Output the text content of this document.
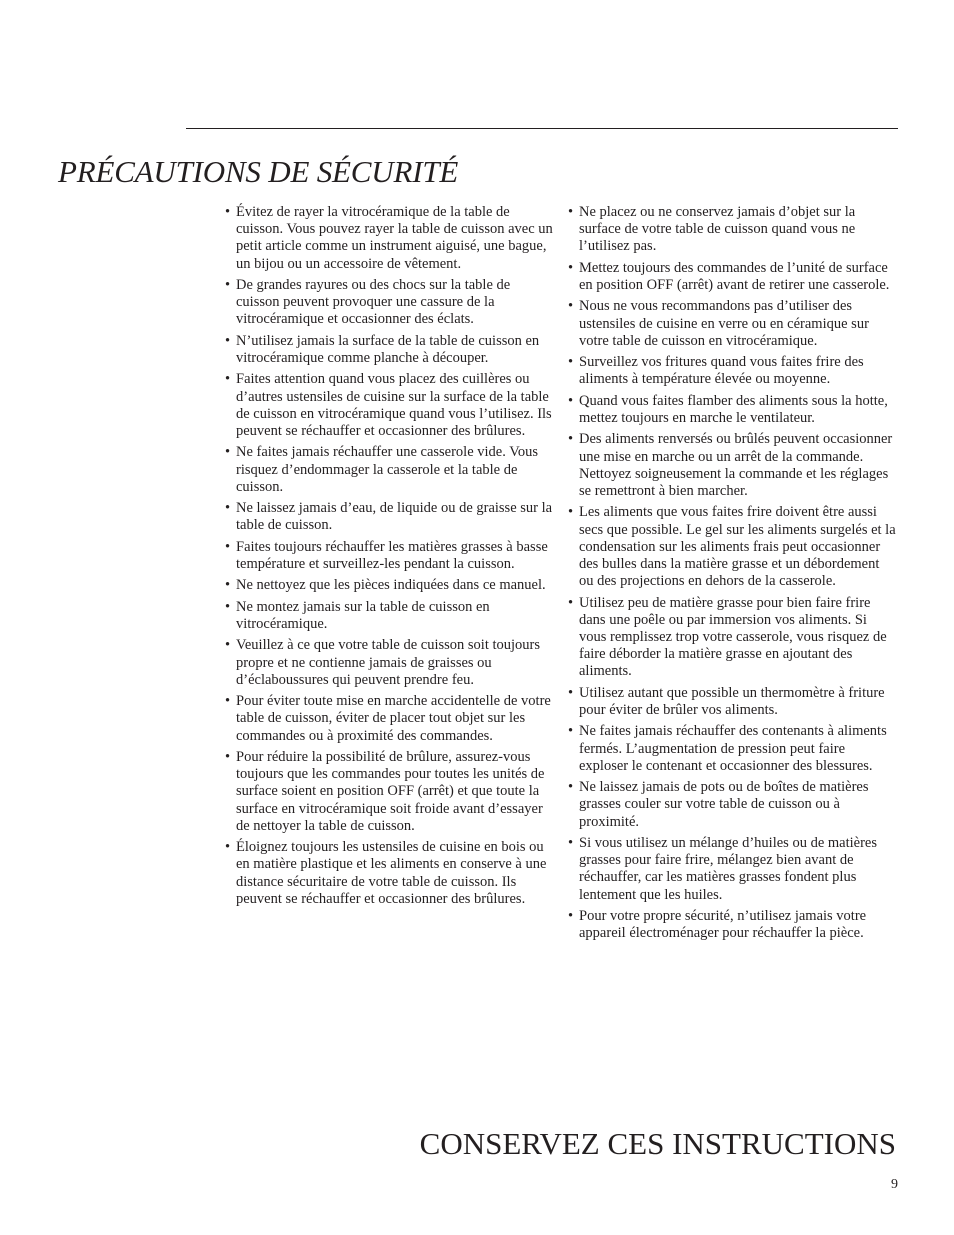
PRÉCAUTIONS DE SÉCURITÉ
• Évitez de rayer la vitrocéramique de la table de cuisson. Vous pouvez rayer la table de cuisson avec un petit article comme un instrument aiguisé, une bague, un bijou ou un accessoire de vêtement.
• De grandes rayures ou des chocs sur la table de cuisson peuvent provoquer une cassure de la vitrocéramique et occasionner des éclats.
• N’utilisez jamais la surface de la table de cuisson en vitrocéramique comme planche à découper.
• Faites attention quand vous placez des cuillères ou d’autres ustensiles de cuisine sur la surface de la table de cuisson en vitrocéramique quand vous l’utilisez. Ils peuvent se réchauffer et occasionner des brûlures.
• Ne faites jamais réchauffer une casserole vide. Vous risquez d’endommager la casserole et la table de cuisson.
• Ne laissez jamais d’eau, de liquide ou de graisse sur la table de cuisson.
• Faites toujours réchauffer les matières grasses à basse température et surveillez-les pendant la cuisson.
• Ne nettoyez que les pièces indiquées dans ce manuel.
• Ne montez jamais sur la table de cuisson en vitrocéramique.
• Veuillez à ce que votre table de cuisson soit toujours propre et ne contienne jamais de graisses ou d’éclaboussures qui peuvent prendre feu.
• Pour éviter toute mise en marche accidentelle de votre table de cuisson, éviter de placer tout objet sur les commandes ou à proximité des commandes.
• Pour réduire la possibilité de brûlure, assurez-vous toujours que les commandes pour toutes les unités de surface soient en position OFF (arrêt) et que toute la surface en vitrocéramique soit froide avant d’essayer de nettoyer la table de cuisson.
• Éloignez toujours les ustensiles de cuisine en bois ou en matière plastique et les aliments en conserve à une distance sécuritaire de votre table de cuisson. Ils peuvent se réchauffer et occasionner des brûlures.
• Ne placez ou ne conservez jamais d’objet sur la surface de votre table de cuisson quand vous ne l’utilisez pas.
• Mettez toujours des commandes de l’unité de surface en position OFF (arrêt) avant de retirer une casserole.
• Nous ne vous recommandons pas d’utiliser des ustensiles de cuisine en verre ou en céramique sur votre table de cuisson en vitrocéramique.
• Surveillez vos fritures quand vous faites frire des aliments à température élevée ou moyenne.
• Quand vous faites flamber des aliments sous la hotte, mettez toujours en marche le ventilateur.
• Des aliments renversés ou brûlés peuvent occasionner une mise en marche ou un arrêt de la commande. Nettoyez soigneusement la commande et les réglages se remettront à bien marcher.
• Les aliments que vous faites frire doivent être aussi secs que possible. Le gel sur les aliments surgelés et la condensation sur les aliments frais peut occasionner des bulles dans la matière grasse et un débordement ou des projections en dehors de la casserole.
• Utilisez peu de matière grasse pour bien faire frire dans une poêle ou par immersion vos aliments. Si vous remplissez trop votre casserole, vous risquez de faire déborder la matière grasse en ajoutant des aliments.
• Utilisez autant que possible un thermomètre à friture pour éviter de brûler vos aliments.
• Ne faites jamais réchauffer des contenants à aliments fermés. L’augmentation de pression peut faire exploser le contenant et occasionner des blessures.
• Ne laissez jamais de pots ou de boîtes de matières grasses couler sur votre table de cuisson ou à proximité.
• Si vous utilisez un mélange d’huiles ou de matières grasses pour faire frire, mélangez bien avant de réchauffer, car les matières grasses fondent plus lentement que les huiles.
• Pour votre propre sécurité, n’utilisez jamais votre appareil électroménager pour réchauffer la pièce.
CONSERVEZ CES INSTRUCTIONS
9
